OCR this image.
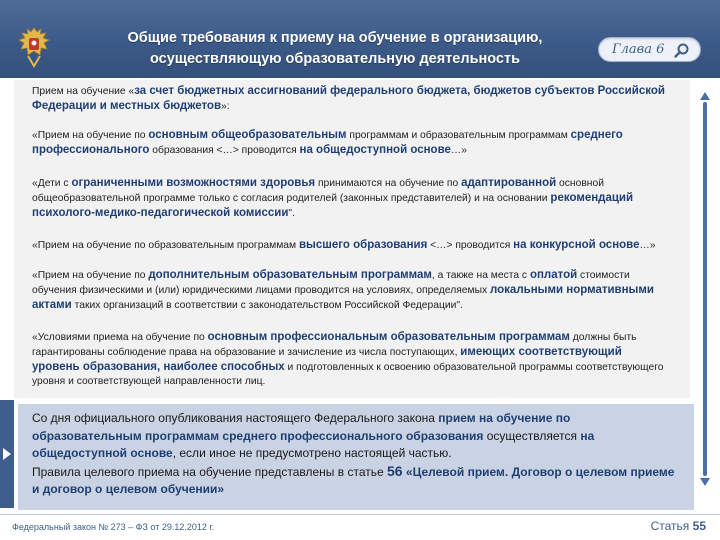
Общие требования к приему на обучение в организацию,
осуществляющую образовательную деятельность
Глава 6
Прием на обучение «за счет бюджетных ассигнований федерального бюджета, бюджетов субъектов Российской Федерации и местных бюджетов»:
«Прием на обучение по основным общеобразовательным программам и образовательным программам среднего профессионального образования <…> проводится на общедоступной основе…»
«Дети с ограниченными возможностями здоровья принимаются на обучение по адаптированной основной общеобразовательной программе только с согласия родителей (законных представителей) и на основании рекомендаций психолого-медико-педагогической комиссии".
«Прием на обучение по образовательным программам высшего образования <…> проводится на конкурсной основе…»
«Прием на обучение по дополнительным образовательным программам, а также на места с оплатой стоимости обучения физическими и (или) юридическими лицами проводится на условиях, определяемых локальными нормативными актами таких организаций в соответствии с законодательством Российской Федерации".
«Условиями приема на обучение по основным профессиональным образовательным программам должны быть гарантированы соблюдение права на образование и зачисление из числа поступающих, имеющих соответствующий уровень образования, наиболее способных и подготовленных к освоению образовательной программы соответствующего уровня и соответствующей направленности лиц.
Со дня официального опубликования настоящего Федерального закона прием на обучение по образовательным программам среднего профессионального образования осуществляется на общедоступной основе, если иное не предусмотрено настоящей частью.
Правила целевого приема на обучение представлены в статье 56 «Целевой прием. Договор о целевом приеме и договор о целевом обучении»
Федеральный закон № 273 – ФЗ от 29.12.2012 г.	Статья 55
